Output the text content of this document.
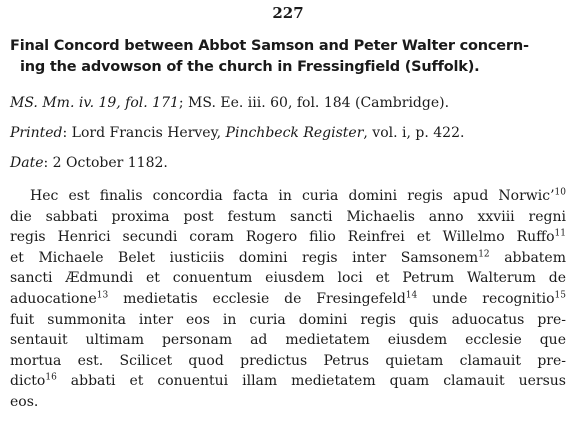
227
Final Concord between Abbot Samson and Peter Walter concern-
ing the advowson of the church in Fressingfield (Suffolk).
MS. Mm. iv. 19, fol. 171; MS. Ee. iii. 60, fol. 184 (Cambridge).
Printed: Lord Francis Hervey, Pinchbeck Register, vol. i, p. 422.
Date: 2 October 1182.
Hec est finalis concordia facta in curia domini regis apud Norwic’$^{10}$
die sabbati proxima post festum sancti Michaelis anno xxviii regni
regis Henrici secundi coram Rogero filio Reinfrei et Willelmo Ruffo$^{11}$
et Michaele Belet iusticiis domini regis inter Samsonem$^{12}$ abbatem
sancti Ædmundi et conuentum eiusdem loci et Petrum Walterum de
aduocatione$^{13}$ medietatis ecclesie de Fresingefeld$^{14}$ unde recognitio$^{15}$
fuit summonita inter eos in curia domini regis quis aduocatus pre-
sentauit ultimam personam ad medietatem eiusdem ecclesie que
mortua est. Scilicet quod predictus Petrus quietam clamauit pre-
dicto$^{16}$ abbati et conuentui illam medietatem quam clamauit uersus
eos.
